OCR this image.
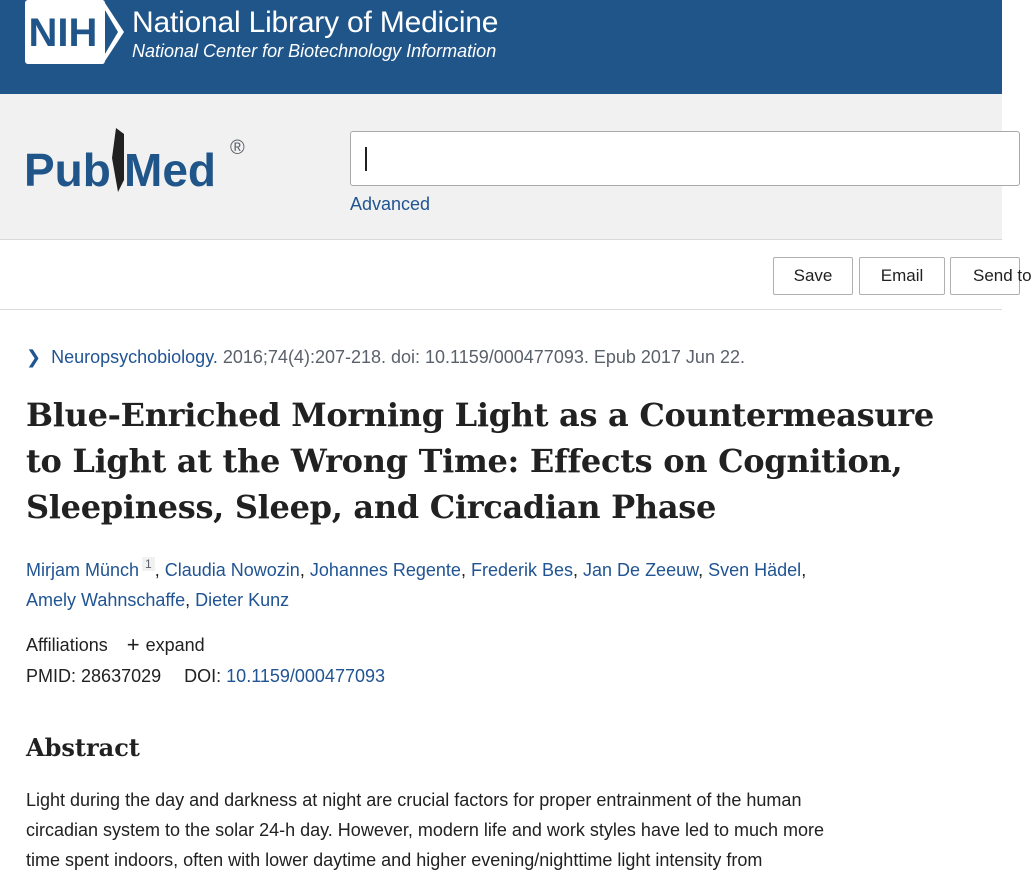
NIH National Library of Medicine
National Center for Biotechnology Information
Pub Med ®
Advanced
Save	Email	Send to
❯ Neuropsychobiology. 2016;74(4):207-218. doi: 10.1159/000477093. Epub 2017 Jun 22.
Blue-Enriched Morning Light as a Countermeasure to Light at the Wrong Time: Effects on Cognition, Sleepiness, Sleep, and Circadian Phase
Mirjam Münch 1 , Claudia Nowozin, Johannes Regente, Frederik Bes, Jan De Zeeuw, Sven Hädel,
Amely Wahnschaffe, Dieter Kunz
Affiliations + expand
PMID: 28637029 DOI: 10.1159/000477093
Abstract
Light during the day and darkness at night are crucial factors for proper entrainment of the human
circadian system to the solar 24-h day. However, modern life and work styles have led to much more
time spent indoors, often with lower daytime and higher evening/nighttime light intensity from
